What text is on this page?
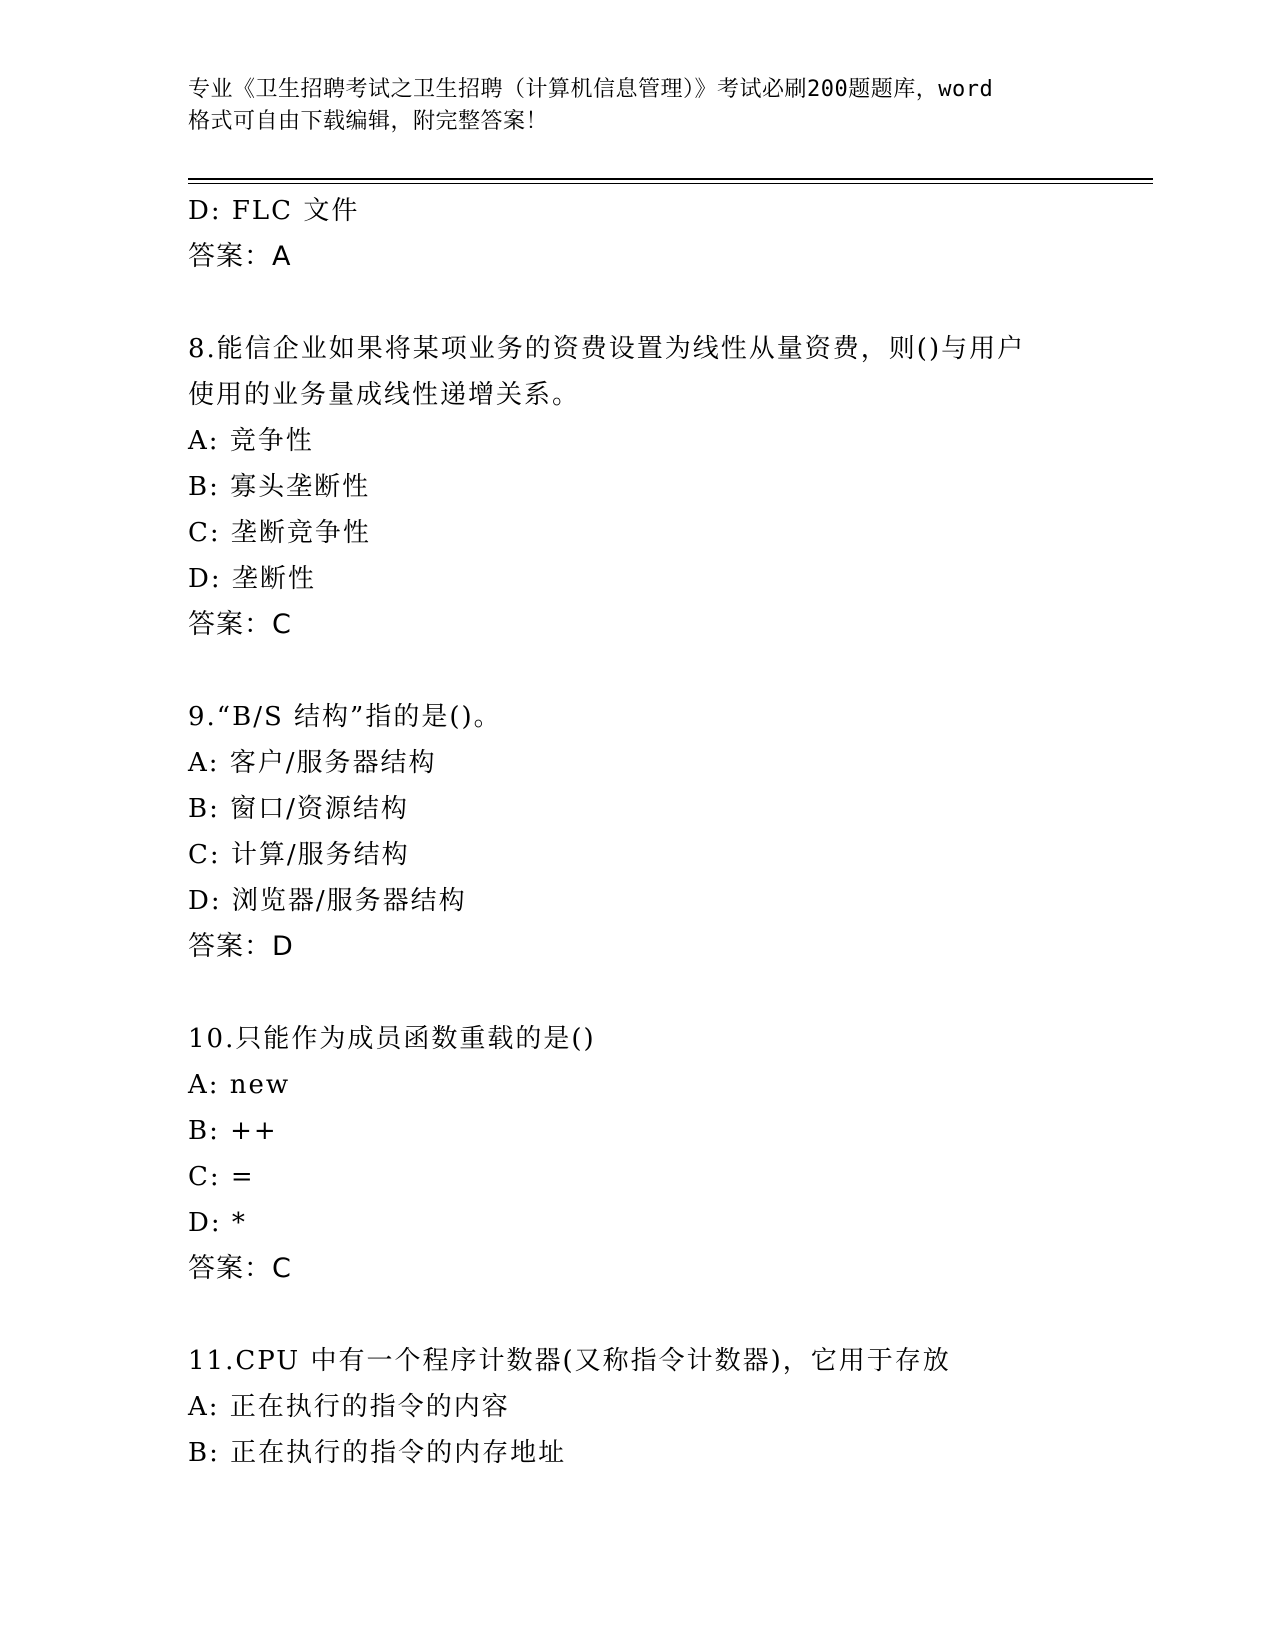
专业《卫生招聘考试之卫生招聘（计算机信息管理）》考试必刷200题题库，word
格式可自由下载编辑，附完整答案！
D: FLC 文件
答案：A
8.能信企业如果将某项业务的资费设置为线性从量资费，则()与用户
使用的业务量成线性递增关系。
A: 竞争性
B: 寡头垄断性
C: 垄断竞争性
D: 垄断性
答案：C
9.“B/S 结构”指的是()。
A: 客户/服务器结构
B: 窗口/资源结构
C: 计算/服务结构
D: 浏览器/服务器结构
答案：D
10.只能作为成员函数重载的是()
A: new
B: ++
C: =
D: *
答案：C
11.CPU 中有一个程序计数器(又称指令计数器)，它用于存放
A: 正在执行的指令的内容
B: 正在执行的指令的内存地址
